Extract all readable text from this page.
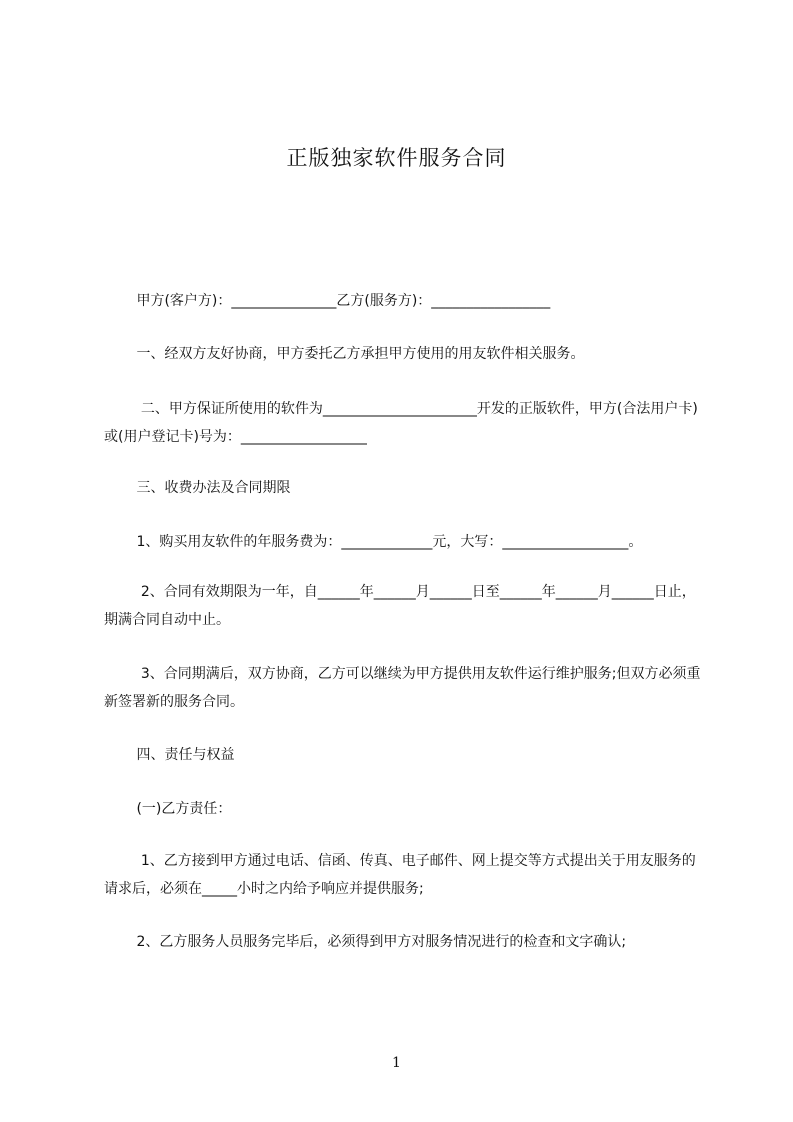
正版独家软件服务合同
　　 甲方(客户方)：_______________乙方(服务方)：_________________
　　 一、经双方友好协商，甲方委托乙方承担甲方使用的用友软件相关服务。
　　  二、甲方保证所使用的软件为______________________开发的正版软件，甲方(合法用户卡)或(用户登记卡)号为：__________________
　　 三、收费办法及合同期限
　　 1、购买用友软件的年服务费为：_____________元，大写：__________________。
　　  2、合同有效期限为一年，自______年______月______日至______年______月______日止，期满合同自动中止。
　　  3、合同期满后，双方协商，乙方可以继续为甲方提供用友软件运行维护服务;但双方必须重新签署新的服务合同。
　　 四、责任与权益
　　 (一)乙方责任：
　　  1、乙方接到甲方通过电话、信函、传真、电子邮件、网上提交等方式提出关于用友服务的请求后，必须在_____小时之内给予响应并提供服务;
　　 2、乙方服务人员服务完毕后，必须得到甲方对服务情况进行的检查和文字确认;
1
